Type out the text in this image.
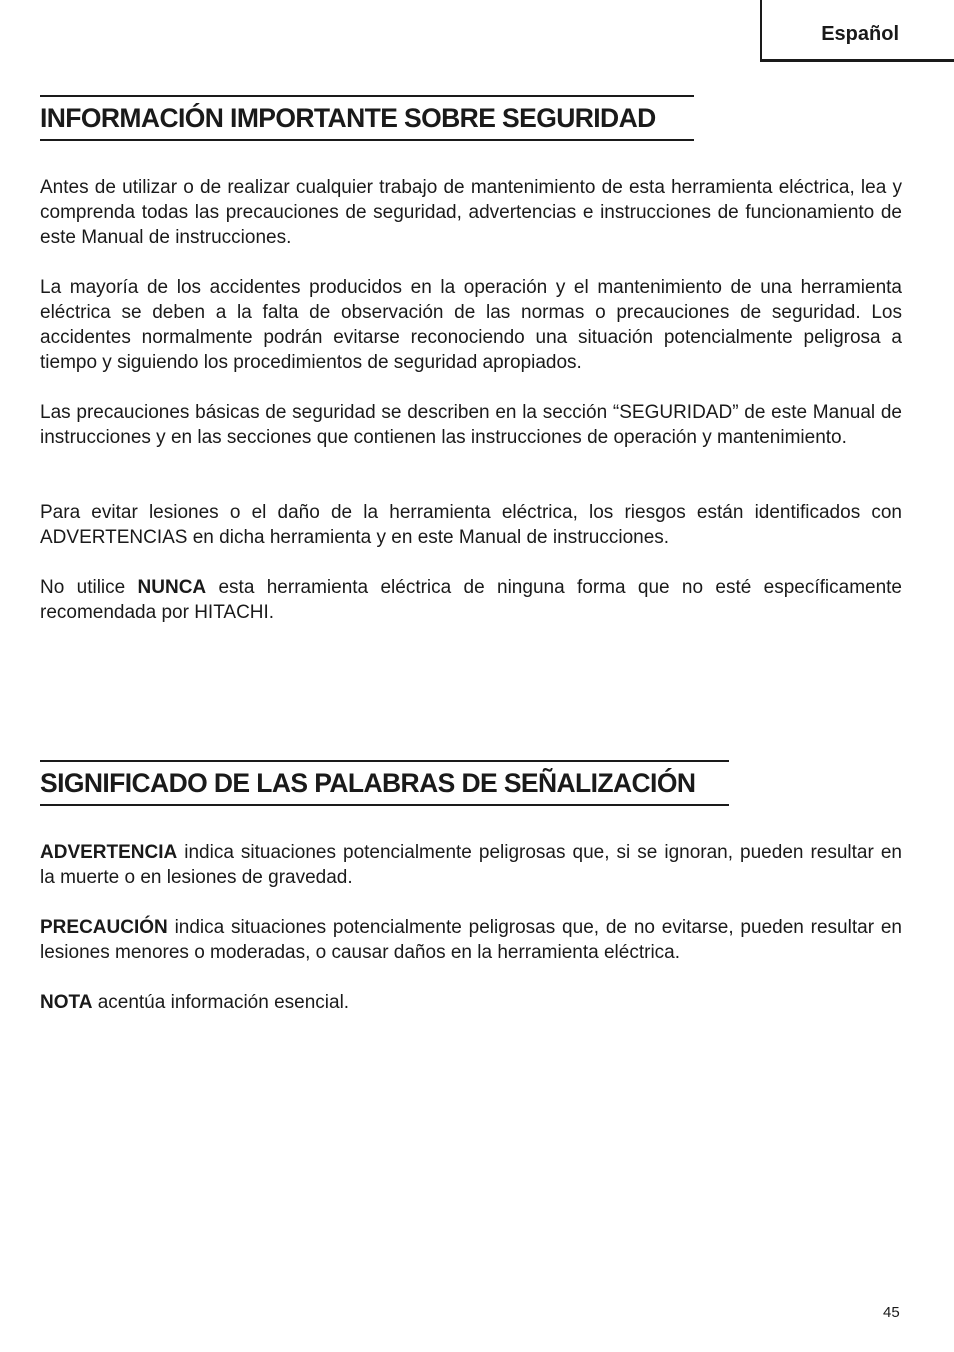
Español
INFORMACIÓN IMPORTANTE SOBRE SEGURIDAD

Antes de utilizar o de realizar cualquier trabajo de mantenimiento de esta herramienta eléctrica, lea y comprenda todas las precauciones de seguridad, advertencias e instrucciones de funcionamiento de este Manual de instrucciones.

La mayoría de los accidentes producidos en la operación y el mantenimiento de una herramienta eléctrica se deben a la falta de observación de las normas o precauciones de seguridad. Los accidentes normalmente podrán evitarse reconociendo una situación potencialmente peligrosa a tiempo y siguiendo los procedimientos de seguridad apropiados.

Las precauciones básicas de seguridad se describen en la sección “SEGURIDAD” de este Manual de instrucciones y en las secciones que contienen las instrucciones de operación y mantenimiento.

Para evitar lesiones o el daño de la herramienta eléctrica, los riesgos están identificados con ADVERTENCIAS en dicha herramienta y en este Manual de instrucciones.

No utilice NUNCA esta herramienta eléctrica de ninguna forma que no esté específicamente recomendada por HITACHI.

SIGNIFICADO DE LAS PALABRAS DE SEÑALIZACIÓN

ADVERTENCIA indica situaciones potencialmente peligrosas que, si se ignoran, pueden resultar en la muerte o en lesiones de gravedad.

PRECAUCIÓN indica situaciones potencialmente peligrosas que, de no evitarse, pueden resultar en lesiones menores o moderadas, o causar daños en la herramienta eléctrica.

NOTA acentúa información esencial.

45
